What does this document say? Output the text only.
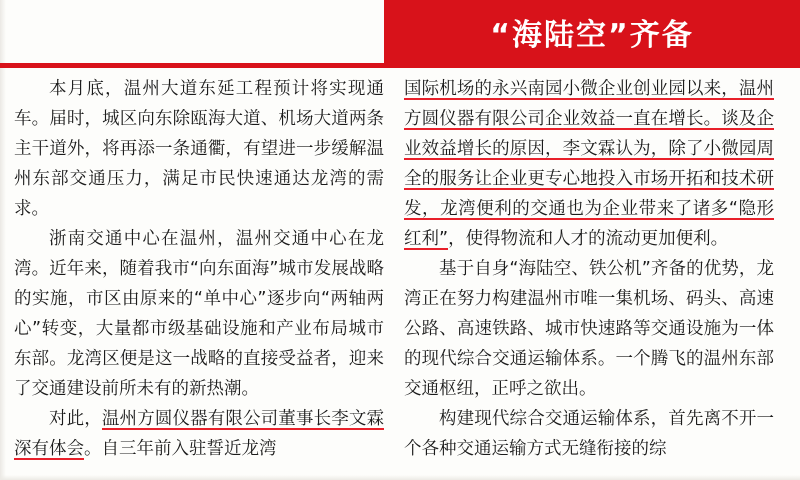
“海陆空”齐备

本月底，温州大道东延工程预计将实现通车。届时，城区向东除瓯海大道、机场大道两条主干道外，将再添一条通衢，有望进一步缓解温州东部交通压力，满足市民快速通达龙湾的需求。

浙南交通中心在温州，温州交通中心在龙湾。近年来，随着我市“向东面海”城市发展战略的实施，市区由原来的“单中心”逐步向“两轴两心”转变，大量都市级基础设施和产业布局城市东部。龙湾区便是这一战略的直接受益者，迎来了交通建设前所未有的新热潮。

对此，温州方圆仪器有限公司董事长李文霖深有体会。自三年前入驻誓近龙湾

国际机场的永兴南园小微企业创业园以来，温州方圆仪器有限公司企业效益一直在增长。谈及企业效益增长的原因，李文霖认为，除了小微园周全的服务让企业更专心地投入市场开拓和技术研发，龙湾便利的交通也为企业带来了诸多“隐形红利”，使得物流和人才的流动更加便利。

基于自身“海陆空、铁公机”齐备的优势，龙湾正在努力构建温州市唯一集机场、码头、高速公路、高速铁路、城市快速路等交通设施为一体的现代综合交通运输体系。一个腾飞的温州东部交通枢纽，正呼之欲出。

构建现代综合交通运输体系，首先离不开一个各种交通运输方式无缝衔接的综
